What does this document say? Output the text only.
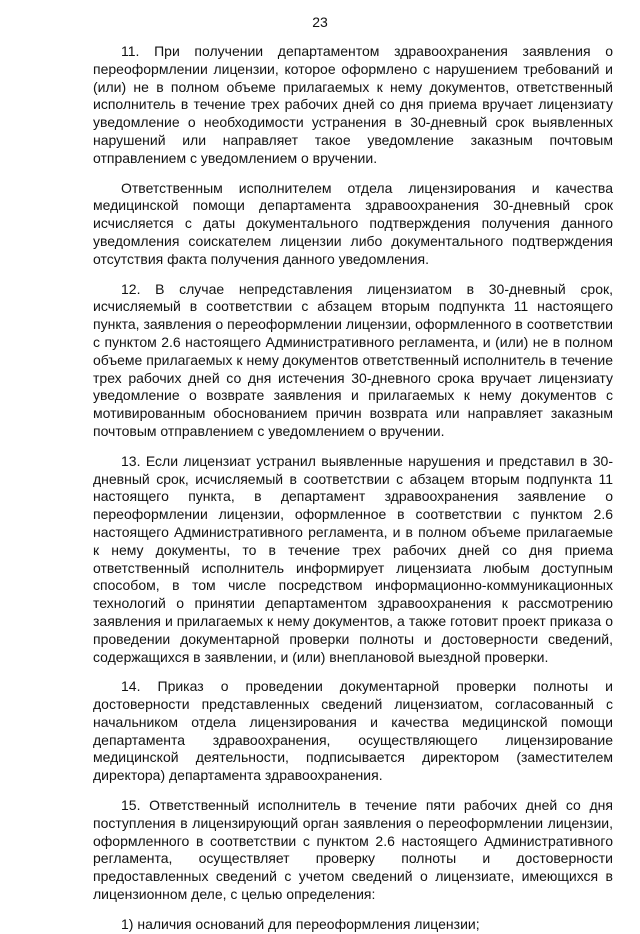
23

11. При получении департаментом здравоохранения заявления о переоформлении лицензии, которое оформлено с нарушением требований и (или) не в полном объеме прилагаемых к нему документов, ответственный исполнитель в течение трех рабочих дней со дня приема вручает лицензиату уведомление о необходимости устранения в 30-дневный срок выявленных нарушений или направляет такое уведомление заказным почтовым отправлением с уведомлением о вручении.

Ответственным исполнителем отдела лицензирования и качества медицинской помощи департамента здравоохранения 30-дневный срок исчисляется с даты документального подтверждения получения данного уведомления соискателем лицензии либо документального подтверждения отсутствия факта получения данного уведомления.

12. В случае непредставления лицензиатом в 30-дневный срок, исчисляемый в соответствии с абзацем вторым подпункта 11 настоящего пункта, заявления о переоформлении лицензии, оформленного в соответствии с пунктом 2.6 настоящего Административного регламента, и (или) не в полном объеме прилагаемых к нему документов ответственный исполнитель в течение трех рабочих дней со дня истечения 30-дневного срока вручает лицензиату уведомление о возврате заявления и прилагаемых к нему документов с мотивированным обоснованием причин возврата или направляет заказным почтовым отправлением с уведомлением о вручении.

13. Если лицензиат устранил выявленные нарушения и представил в 30-дневный срок, исчисляемый в соответствии с абзацем вторым подпункта 11 настоящего пункта, в департамент здравоохранения заявление о переоформлении лицензии, оформленное в соответствии с пунктом 2.6 настоящего Административного регламента, и в полном объеме прилагаемые к нему документы, то в течение трех рабочих дней со дня приема ответственный исполнитель информирует лицензиата любым доступным способом, в том числе посредством информационно-коммуникационных технологий о принятии департаментом здравоохранения к рассмотрению заявления и прилагаемых к нему документов, а также готовит проект приказа о проведении документарной проверки полноты и достоверности сведений, содержащихся в заявлении, и (или) внеплановой выездной проверки.

14. Приказ о проведении документарной проверки полноты и достоверности представленных сведений лицензиатом, согласованный с начальником отдела лицензирования и качества медицинской помощи департамента здравоохранения, осуществляющего лицензирование медицинской деятельности, подписывается директором (заместителем директора) департамента здравоохранения.

15. Ответственный исполнитель в течение пяти рабочих дней со дня поступления в лицензирующий орган заявления о переоформлении лицензии, оформленного в соответствии с пунктом 2.6 настоящего Административного регламента, осуществляет проверку полноты и достоверности предоставленных сведений с учетом сведений о лицензиате, имеющихся в лицензионном деле, с целью определения:

1) наличия оснований для переоформления лицензии;
